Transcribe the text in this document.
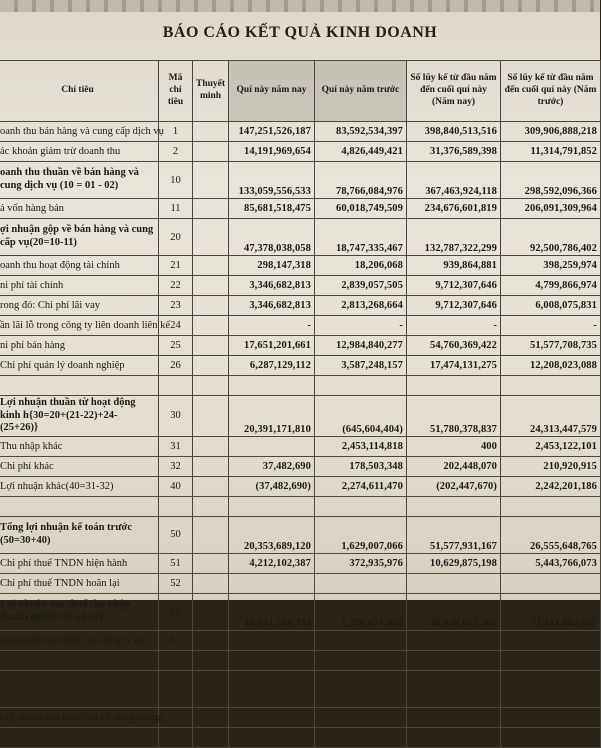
BÁO CÁO KẾT QUẢ KINH DOANH
Chỉ tiêu	Mã chỉ tiêu	Thuyết minh	Quí này năm nay	Quí này năm trước	Số lũy kế từ đầu năm đến cuối quí này (Năm nay)	Số lũy kế từ đầu năm đến cuối quí này (Năm trước)
oanh thu bán hàng và cung cấp dịch vụ	1		147,251,526,187	83,592,534,397	398,840,513,516	309,906,888,218
ác khoản giảm trừ doanh thu	2		14,191,969,654	4,826,449,421	31,376,589,398	11,314,791,852
oanh thu thuần về bán hàng và cung dịch vụ (10 = 01 - 02)	10		133,059,556,533	78,766,084,976	367,463,924,118	298,592,096,366
á vốn hàng bán	11		85,681,518,475	60,018,749,509	234,676,601,819	206,091,309,964
ợi nhuận gộp về bán hàng và cung cấp vụ(20=10-11)	20		47,378,038,058	18,747,335,467	132,787,322,299	92,500,786,402
oanh thu hoạt động tài chính	21		298,147,318	18,206,068	939,864,881	398,259,974
ni phí tài chính	22		3,346,682,813	2,839,057,505	9,712,307,646	4,799,866,974
rong đó: Chi phí lãi vay	23		3,346,682,813	2,813,268,664	9,712,307,646	6,008,075,831
ần lãi lỗ trong công ty liên doanh liên kế	24		-	-	-	-
ni phí bán hàng	25		17,651,201,661	12,984,840,277	54,760,369,422	51,577,708,735
Chi phí quản lý doanh nghiệp	26		6,287,129,112	3,587,248,157	17,474,131,275	12,208,023,088

Lợi nhuận thuần từ hoạt động kinh h{30=20+(21-22)+24-(25+26)}	30		20,391,171,810	(645,604,404)	51,780,378,837	24,313,447,579
Thu nhập khác	31			2,453,114,818	400	2,453,122,101
Chi phí khác	32		37,482,690	178,503,348	202,448,070	210,920,915
Lợi nhuận khác(40=31-32)	40		(37,482,690)	2,274,611,470	(202,447,670)	2,242,201,186

Tổng lợi nhuận kế toán trước (50=30+40)	50		20,353,689,120	1,629,007,066	51,577,931,167	26,555,648,765
Chi phí thuế TNDN hiện hành	51		4,212,102,387	372,935,976	10,629,875,198	5,443,766,073
Chi phí thuế TNDN hoãn lại	52					
Lợi nhuận sau thuế thu nhập doanh ệp(60=50-51-52)	60		16,141,586,733	1,256,071,090	40,948,055,969	21,111,882,692
Lợi nhuận sau thuế của công ty mẹ	61					

Lợi nhuận sau thuế của cổ đông không						
